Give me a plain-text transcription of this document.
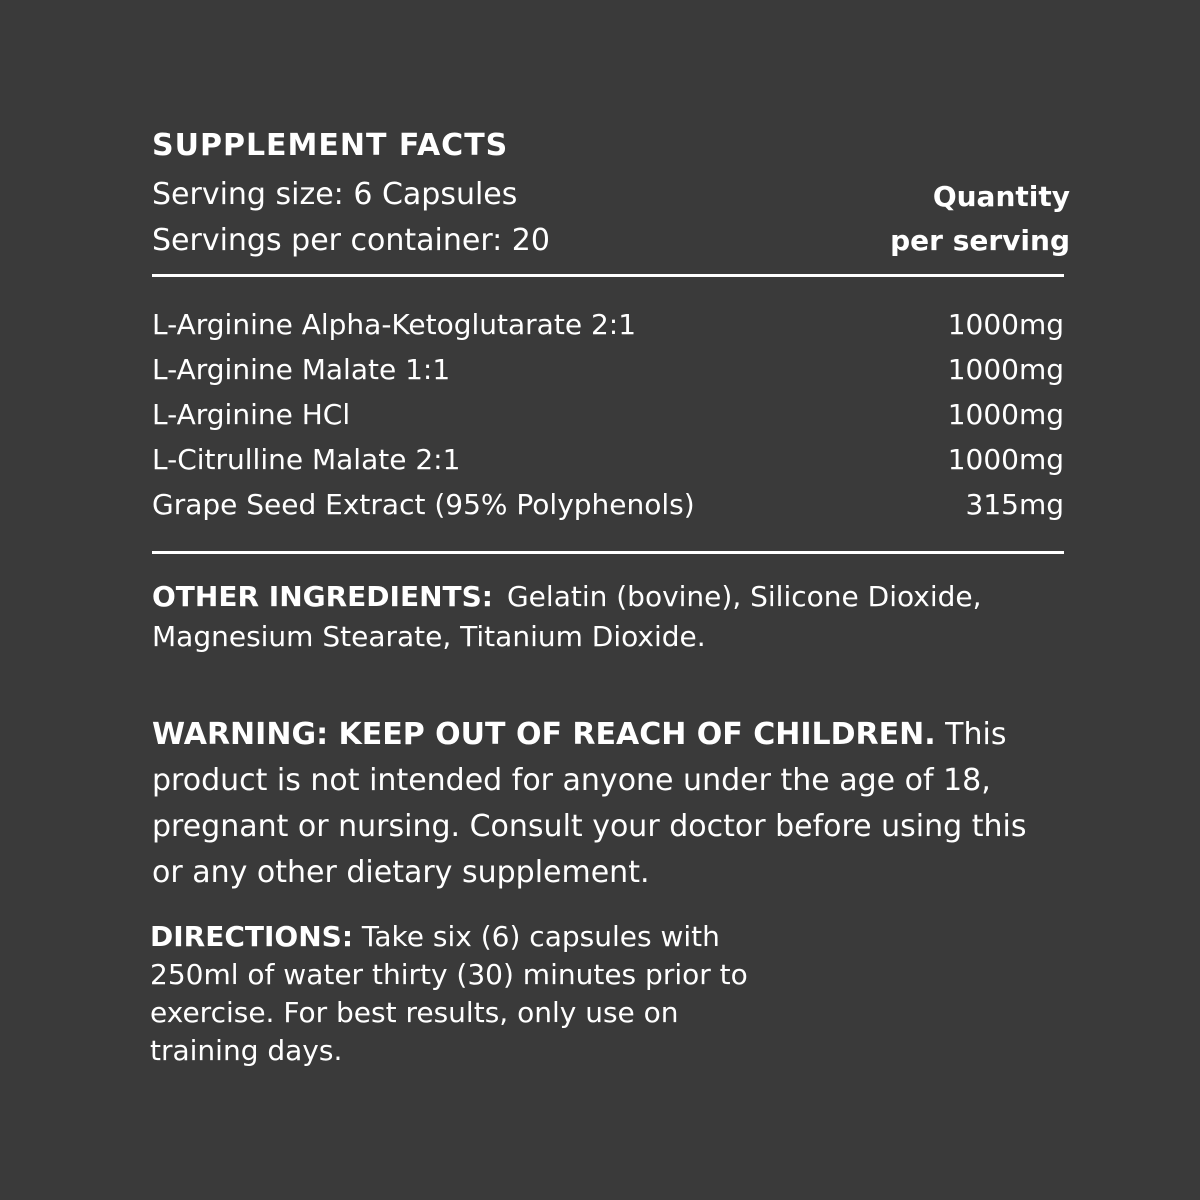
SUPPLEMENT FACTS
Serving size: 6 Capsules
Servings per container: 20
Quantity
per serving
L-Arginine Alpha-Ketoglutarate 2:1	1000mg
L-Arginine Malate 1:1	1000mg
L-Arginine HCl	1000mg
L-Citrulline Malate 2:1	1000mg
Grape Seed Extract (95% Polyphenols)	315mg
OTHER INGREDIENTS: Gelatin (bovine), Silicone Dioxide, Magnesium Stearate, Titanium Dioxide.
WARNING: KEEP OUT OF REACH OF CHILDREN. This product is not intended for anyone under the age of 18, pregnant or nursing. Consult your doctor before using this or any other dietary supplement.
DIRECTIONS: Take six (6) capsules with 250ml of water thirty (30) minutes prior to exercise. For best results, only use on training days.
